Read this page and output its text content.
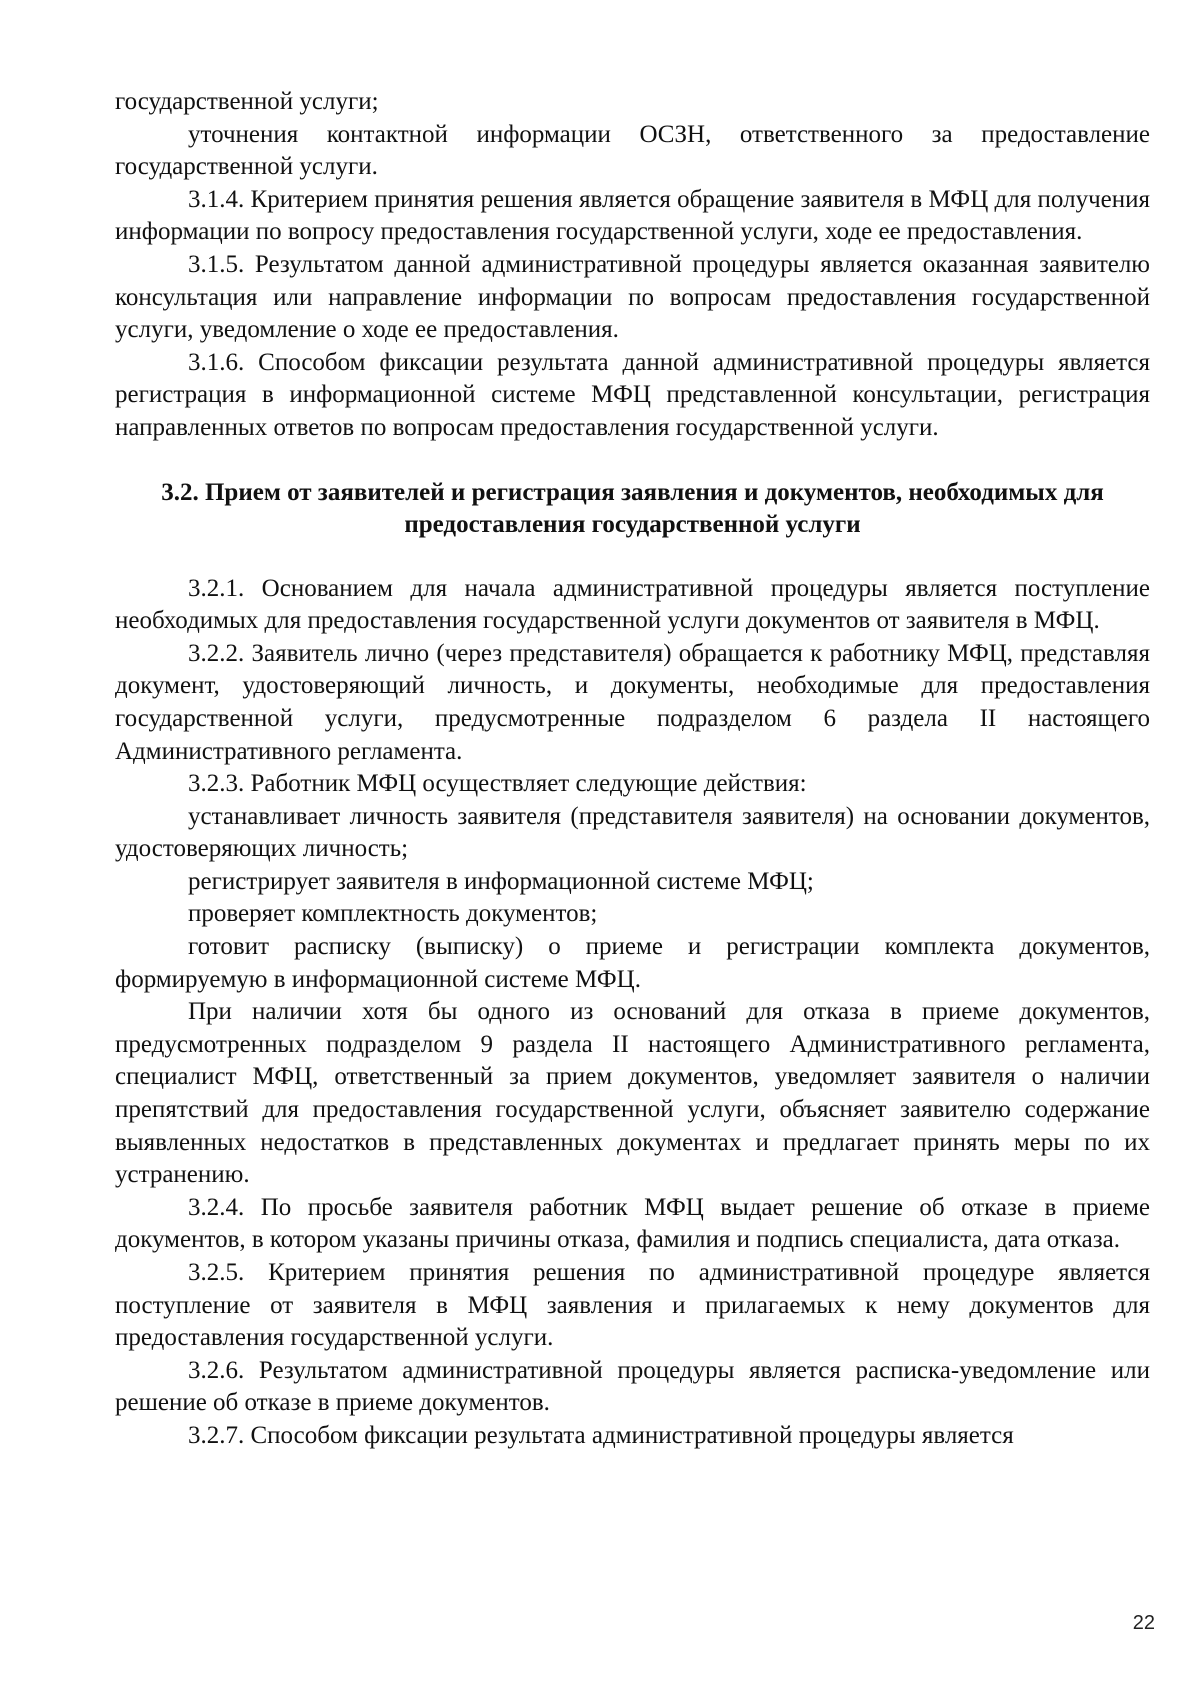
государственной услуги;

уточнения контактной информации ОСЗН, ответственного за предоставление государственной услуги.

3.1.4. Критерием принятия решения является обращение заявителя в МФЦ для получения информации по вопросу предоставления государственной услуги, ходе ее предоставления.

3.1.5. Результатом данной административной процедуры является оказанная заявителю консультация или направление информации по вопросам предоставления государственной услуги, уведомление о ходе ее предоставления.

3.1.6. Способом фиксации результата данной административной процедуры является регистрация в информационной системе МФЦ представленной консультации, регистрация направленных ответов по вопросам предоставления государственной услуги.

3.2. Прием от заявителей и регистрация заявления и документов, необходимых для предоставления государственной услуги

3.2.1. Основанием для начала административной процедуры является поступление необходимых для предоставления государственной услуги документов от заявителя в МФЦ.

3.2.2. Заявитель лично (через представителя) обращается к работнику МФЦ, представляя документ, удостоверяющий личность, и документы, необходимые для предоставления государственной услуги, предусмотренные подразделом 6 раздела II настоящего Административного регламента.

3.2.3. Работник МФЦ осуществляет следующие действия:

устанавливает личность заявителя (представителя заявителя) на основании документов, удостоверяющих личность;

регистрирует заявителя в информационной системе МФЦ;

проверяет комплектность документов;

готовит расписку (выписку) о приеме и регистрации комплекта документов, формируемую в информационной системе МФЦ.

При наличии хотя бы одного из оснований для отказа в приеме документов, предусмотренных подразделом 9 раздела II настоящего Административного регламента, специалист МФЦ, ответственный за прием документов, уведомляет заявителя о наличии препятствий для предоставления государственной услуги, объясняет заявителю содержание выявленных недостатков в представленных документах и предлагает принять меры по их устранению.

3.2.4. По просьбе заявителя работник МФЦ выдает решение об отказе в приеме документов, в котором указаны причины отказа, фамилия и подпись специалиста, дата отказа.

3.2.5. Критерием принятия решения по административной процедуре является поступление от заявителя в МФЦ заявления и прилагаемых к нему документов для предоставления государственной услуги.

3.2.6. Результатом административной процедуры является расписка-уведомление или решение об отказе в приеме документов.

3.2.7. Способом фиксации результата административной процедуры является

22
